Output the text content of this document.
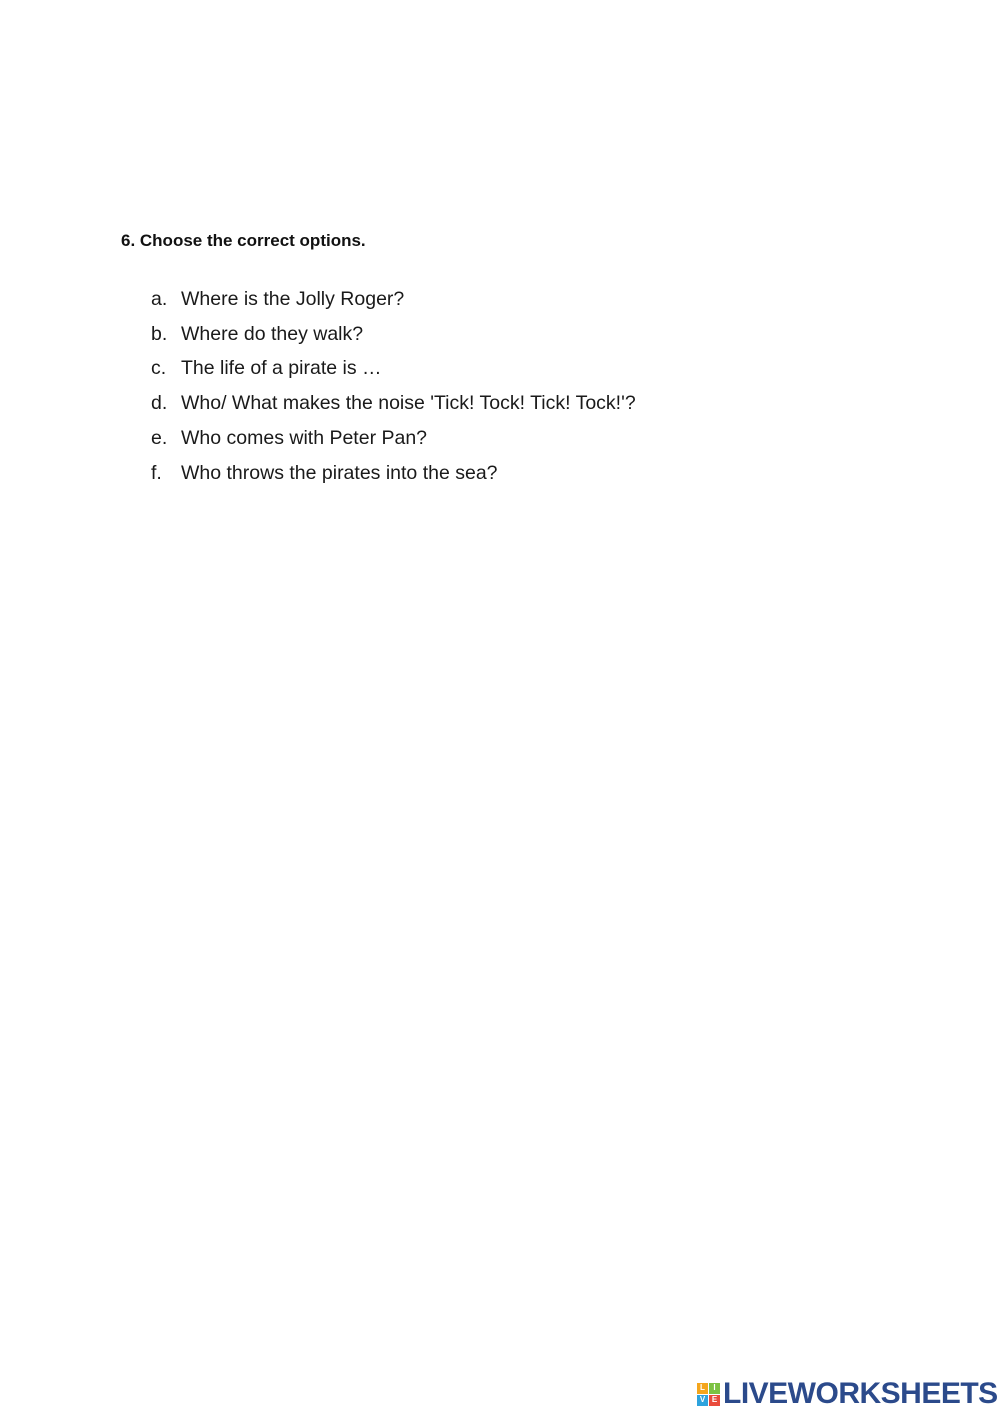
6. Choose the correct options.
a. Where is the Jolly Roger?
b. Where do they walk?
c. The life of a pirate is …
d. Who/ What makes the noise 'Tick! Tock! Tick! Tock!'?
e. Who comes with Peter Pan?
f. Who throws the pirates into the sea?
L	I
V E LIVEWORKSHEETS
